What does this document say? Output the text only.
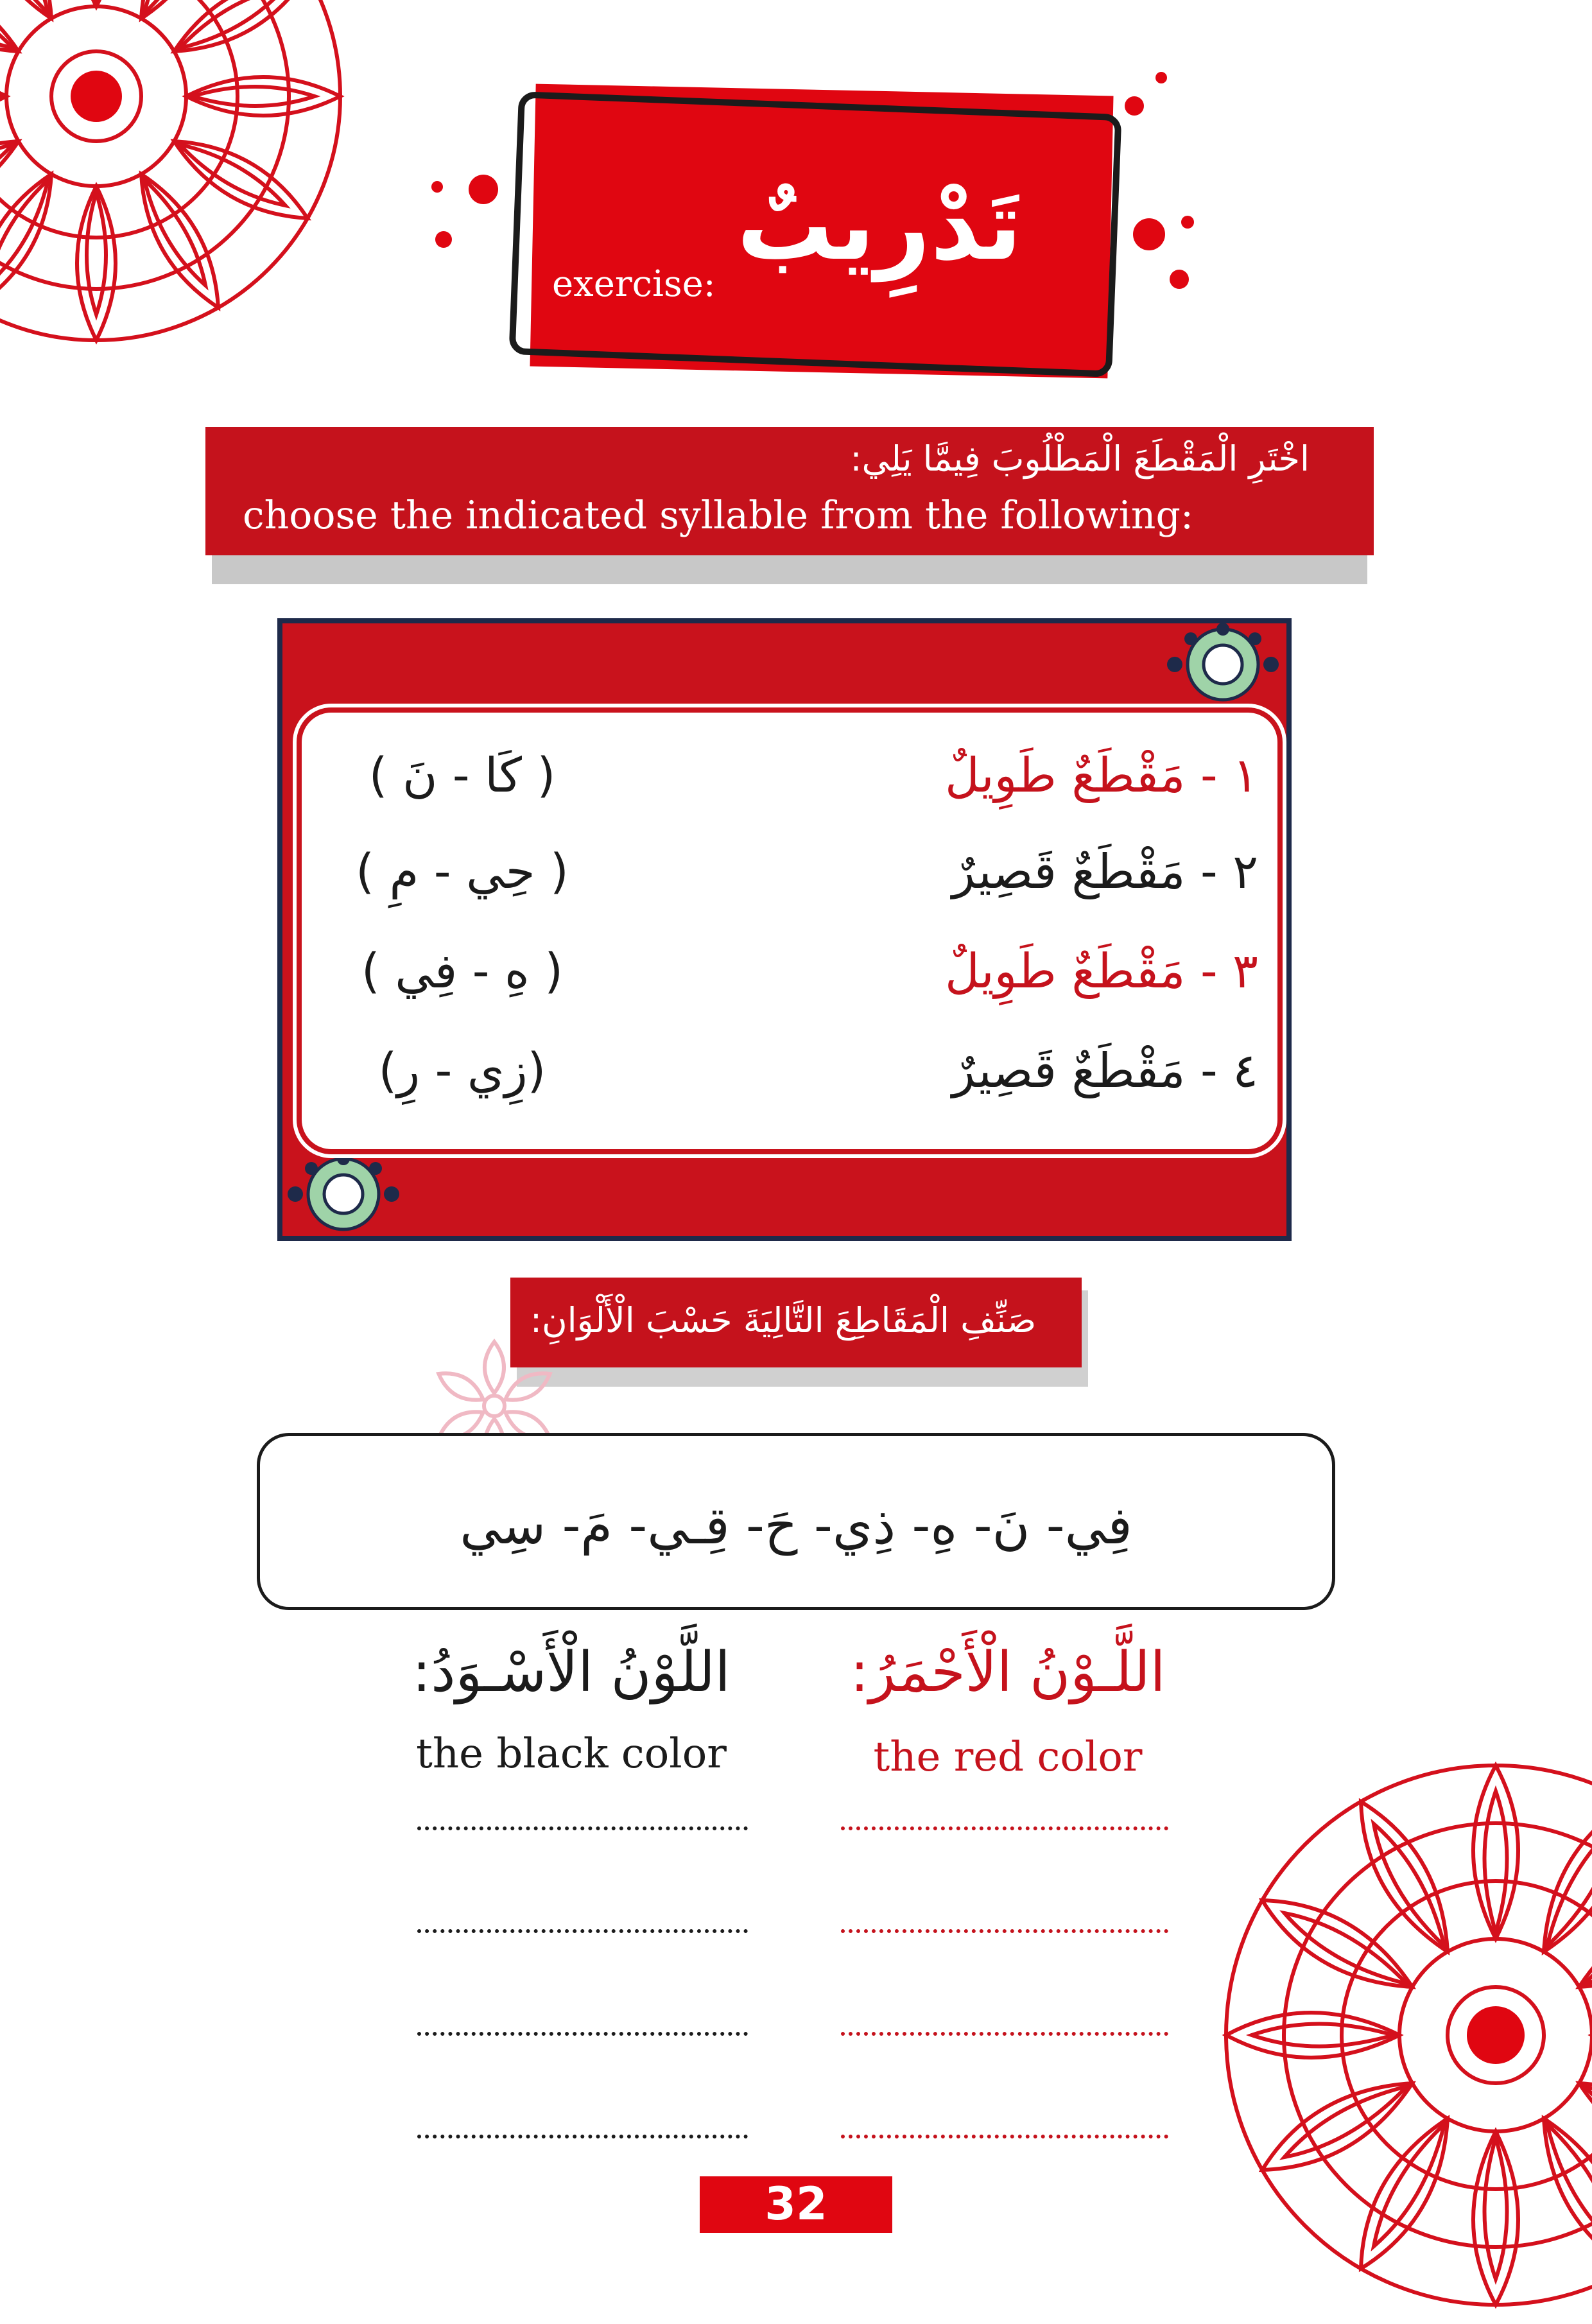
تَدْرِيبٌ
exercise:
اخْتَرِ الْمَقْطَعَ الْمَطْلُوبَ فِيمَّا يَلِي:
choose the indicated syllable from the following:
١ - مَقْطَعٌ طَوِيلٌ
( كَا - نَ )
٢ - مَقْطَعٌ قَصِيرٌ
( حِي - مِ )
٣ - مَقْطَعٌ طَوِيلٌ
( هِ - فِي )
٤ - مَقْطَعٌ قَصِيرٌ
(زِي - رِ)
صَنِّفِ الْمَقَاطِعَ التَّالِيَةَ حَسْبَ الْأَلْوَانِ:
فِي- نَ- هِ- ذِي- حَ- قِـي- مَ- سِي
اللَّـوْنُ الْأَحْمَرُ:
the red color
اللَّوْنُ الْأَسْـوَدُ:
the black color
32
